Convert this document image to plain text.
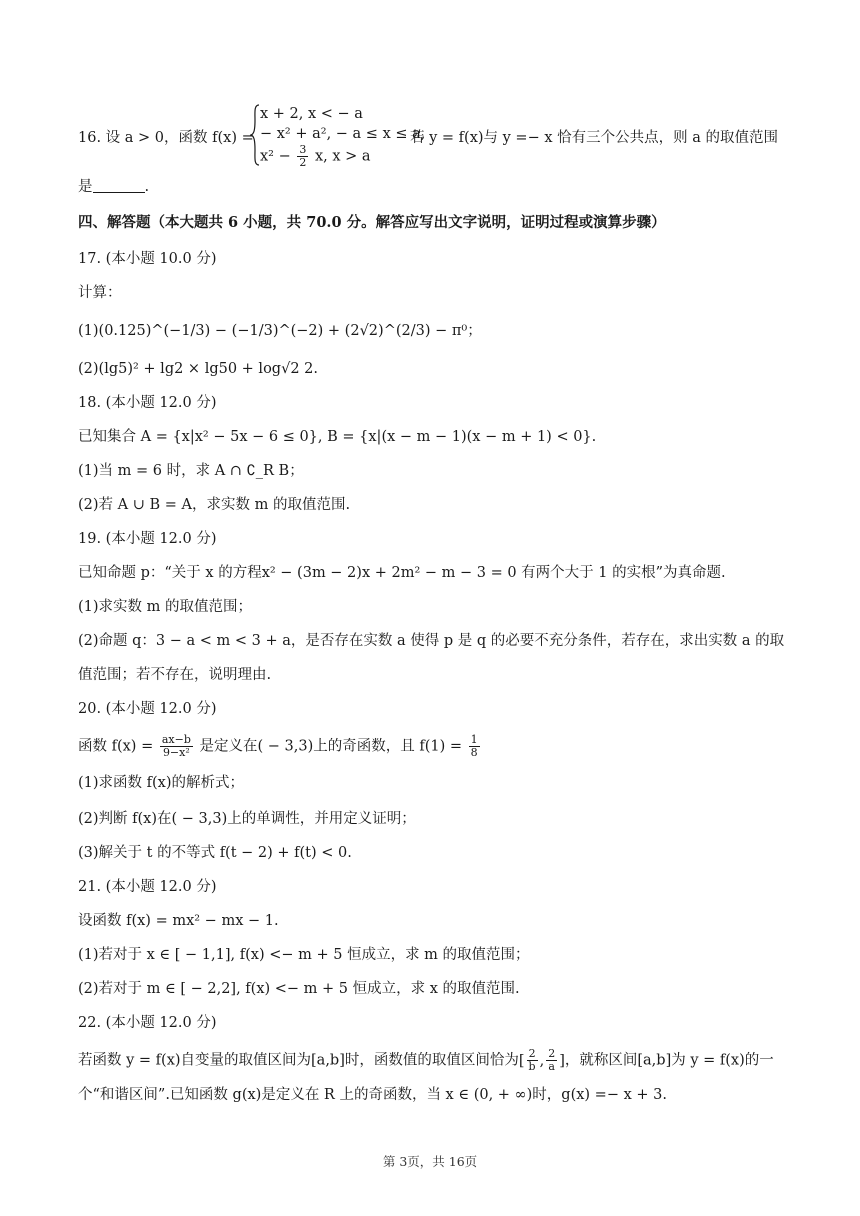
16. 设 a > 0，函数 f(x) =
x + 2, x < − a
− x² + a², − a ≤ x ≤ a,
$x^2 - \frac{3}{2} x$, x > a
若 y = f(x)与 y =− x 恰有三个公共点，则 a 的取值范围
是	.
四、解答题（本大题共 6 小题，共 70.0 分。解答应写出文字说明，证明过程或演算步骤）
17. (本小题 10.0 分)
计算：
(1)(0.125)^(−1/3) − (−1/3)^(−2) + (2√2)^(2/3) − π⁰；
(2)(lg5)² + lg2 × lg50 + log√2 2.
18. (本小题 12.0 分)
已知集合 A = {x|x² − 5x − 6 ≤ 0}, B = {x|(x − m − 1)(x − m + 1) < 0}.
(1)当 m = 6 时，求 A ∩ ∁_R B；
(2)若 A ∪ B = A，求实数 m 的取值范围.
19. (本小题 12.0 分)
已知命题 p：“关于 x 的方程x² − (3m − 2)x + 2m² − m − 3 = 0 有两个大于 1 的实根”为真命题.
(1)求实数 m 的取值范围；
(2)命题 q：3 − a < m < 3 + a，是否存在实数 a 使得 p 是 q 的必要不充分条件，若存在，求出实数 a 的取
值范围；若不存在，说明理由.
20. (本小题 12.0 分)
函数 $f(x) = \frac{ax-b}{\text{9−x²}}$ 是定义在( − 3,3)上的奇函数，且 $f(1) = \frac{1}{8}$
(1)求函数 f(x)的解析式；
(2)判断 f(x)在( − 3,3)上的单调性，并用定义证明；
(3)解关于 t 的不等式 f(t − 2) + f(t) < 0.
21. (本小题 12.0 分)
设函数 f(x) = mx² − mx − 1.
(1)若对于 x ∈ [ − 1,1], f(x) <− m + 5 恒成立，求 m 的取值范围；
(2)若对于 m ∈ [ − 2,2], f(x) <− m + 5 恒成立，求 x 的取值范围.
22. (本小题 12.0 分)
若函数 y = f(x)自变量的取值区间为[a,b]时，函数值的取值区间恰为[ $\frac{2}{b}$ , $\frac{2}{a}$ ]，就称区间[a,b]为 y = f(x)的一
个“和谐区间”.已知函数 g(x)是定义在 R 上的奇函数，当 x ∈ (0, + ∞)时，g(x) =− x + 3.
第 3页，共 16页
